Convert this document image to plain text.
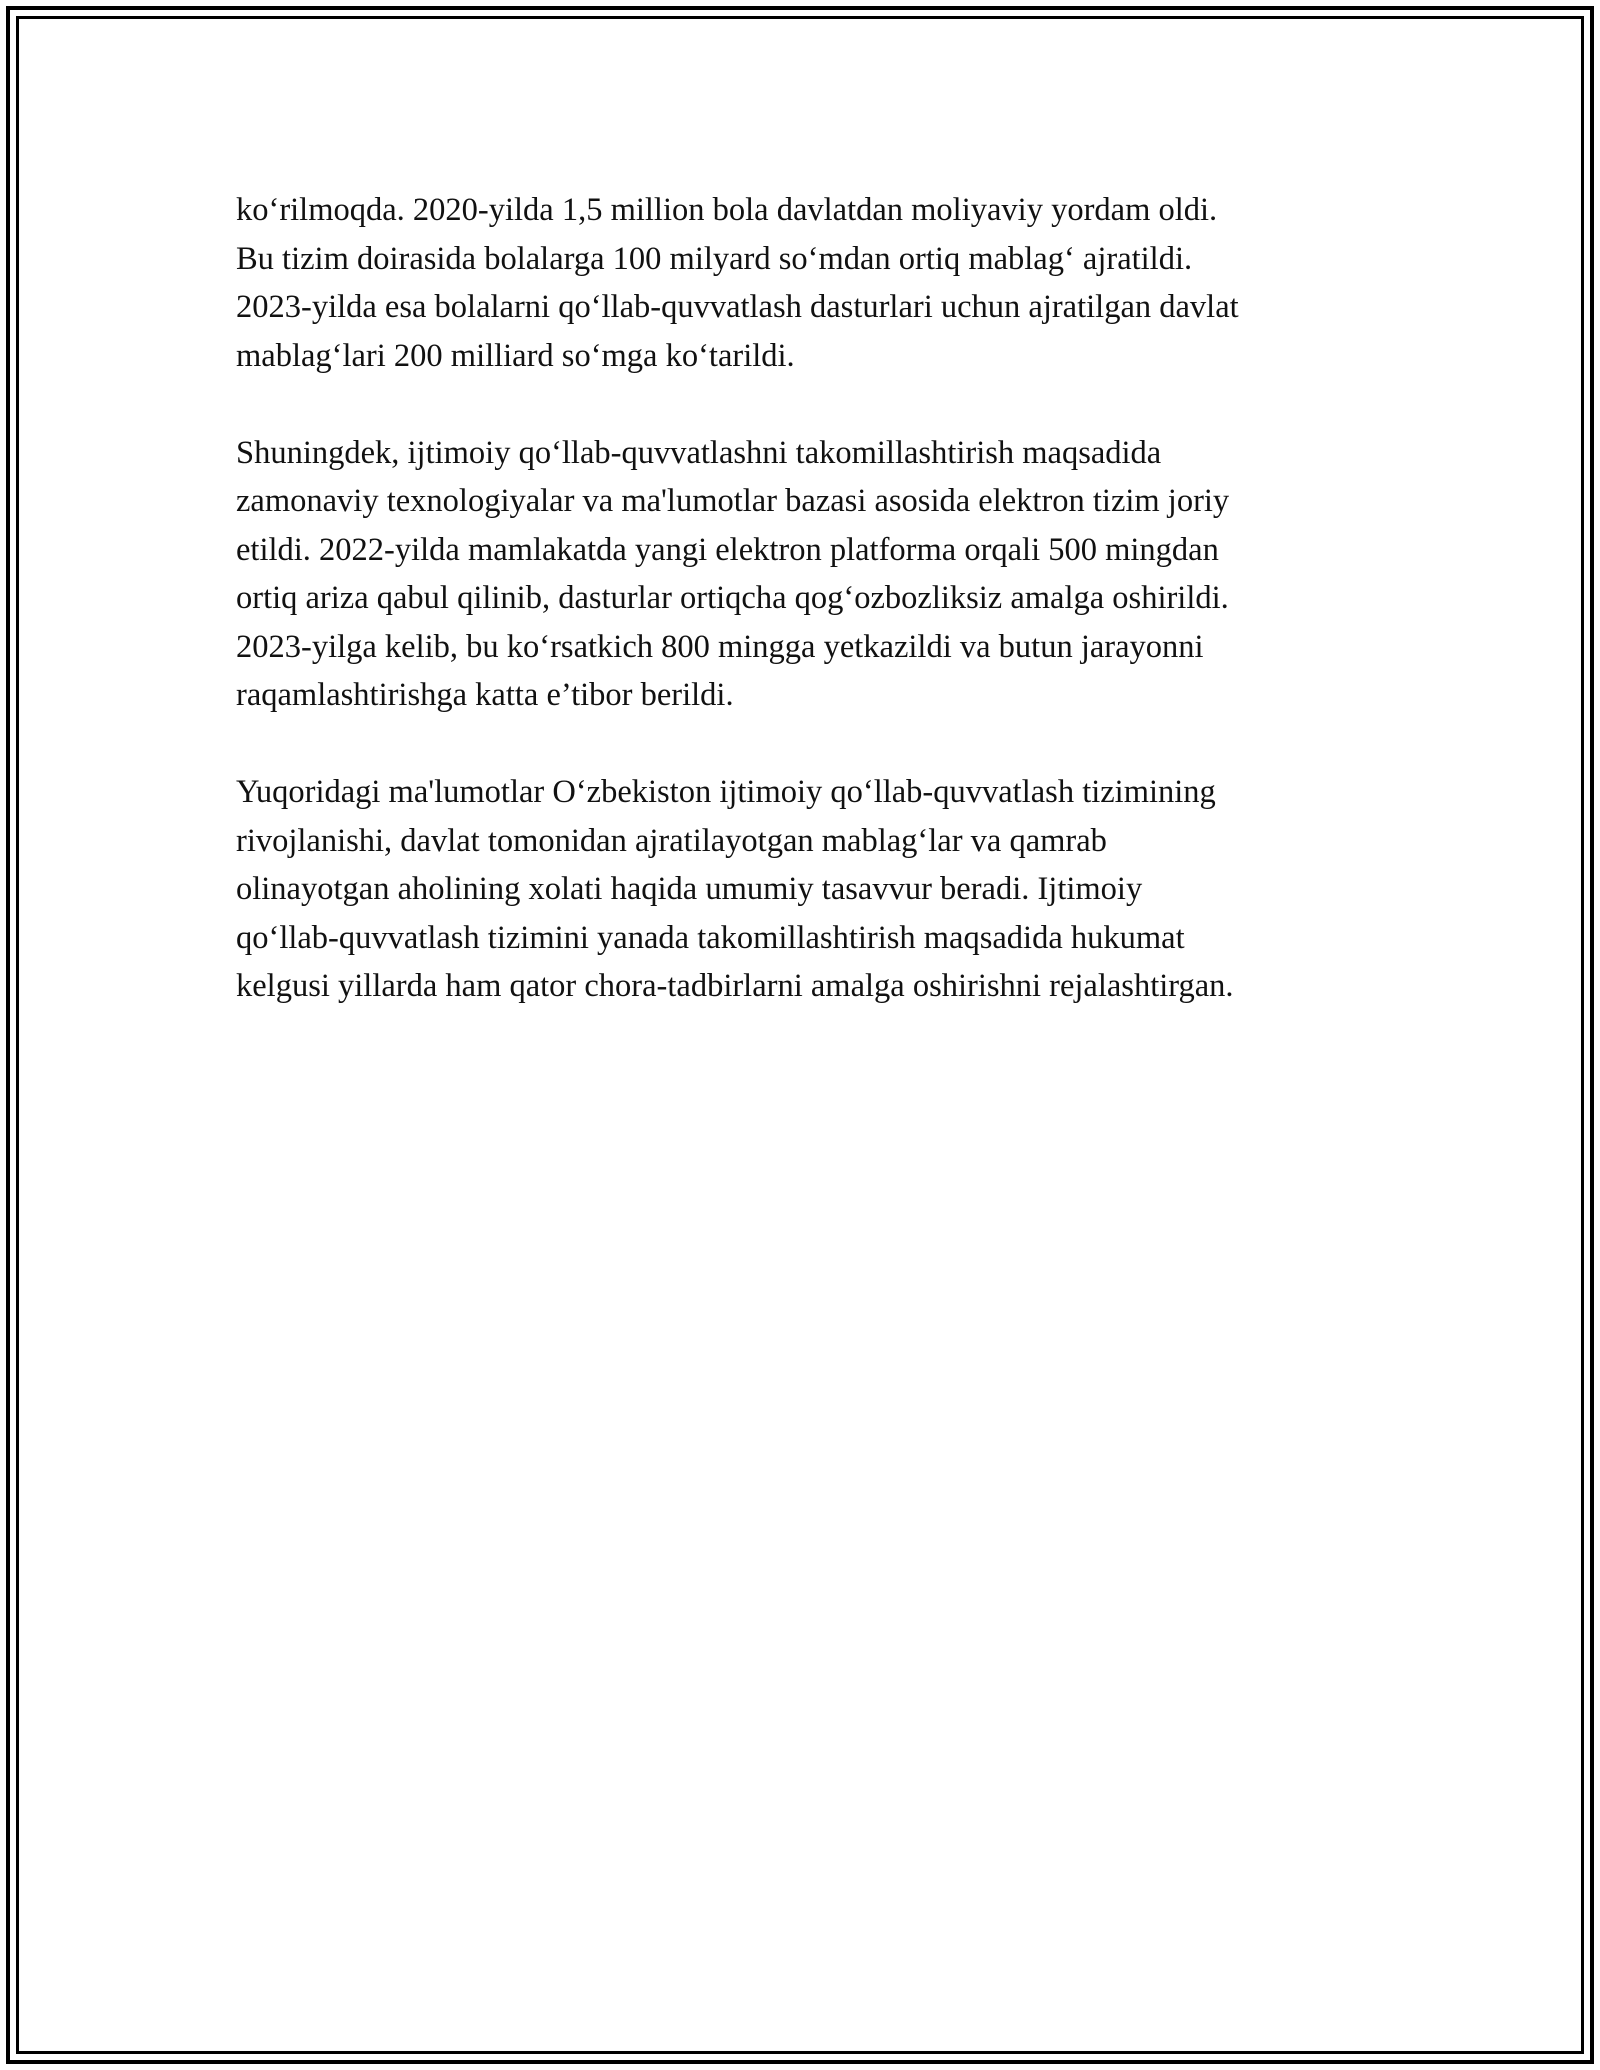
ko‘rilmoqda. 2020-yilda 1,5 million bola davlatdan moliyaviy yordam oldi.
Bu tizim doirasida bolalarga 100 milyard so‘mdan ortiq mablag‘ ajratildi.
2023-yilda esa bolalarni qo‘llab-quvvatlash dasturlari uchun ajratilgan davlat
mablag‘lari 200 milliard so‘mga ko‘tarildi.

Shuningdek, ijtimoiy qo‘llab-quvvatlashni takomillashtirish maqsadida
zamonaviy texnologiyalar va ma'lumotlar bazasi asosida elektron tizim joriy
etildi. 2022-yilda mamlakatda yangi elektron platforma orqali 500 mingdan
ortiq ariza qabul qilinib, dasturlar ortiqcha qog‘ozbozliksiz amalga oshirildi.
2023-yilga kelib, bu ko‘rsatkich 800 mingga yetkazildi va butun jarayonni
raqamlashtirishga katta e’tibor berildi.

Yuqoridagi ma'lumotlar O‘zbekiston ijtimoiy qo‘llab-quvvatlash tizimining
rivojlanishi, davlat tomonidan ajratilayotgan mablag‘lar va qamrab
olinayotgan aholining xolati haqida umumiy tasavvur beradi. Ijtimoiy
qo‘llab-quvvatlash tizimini yanada takomillashtirish maqsadida hukumat
kelgusi yillarda ham qator chora-tadbirlarni amalga oshirishni rejalashtirgan.
